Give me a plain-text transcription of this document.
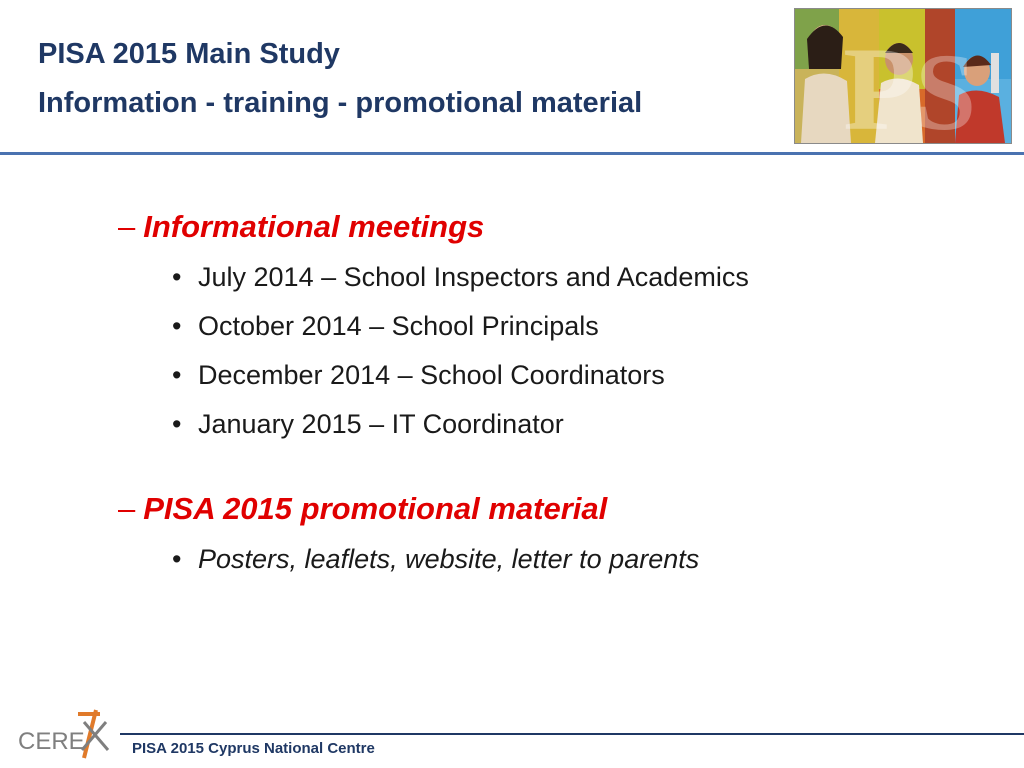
PISA 2015 Main Study
Information - training - promotional material	P
S
– Informational meetings
• July 2014 – School Inspectors and Academics
• October 2014 – School Principals
• December 2014 – School Coordinators
• January 2015 – IT Coordinator
– PISA 2015 promotional material
• Posters, leaflets, website, letter to parents
CERE	PISA 2015 Cyprus National Centre
